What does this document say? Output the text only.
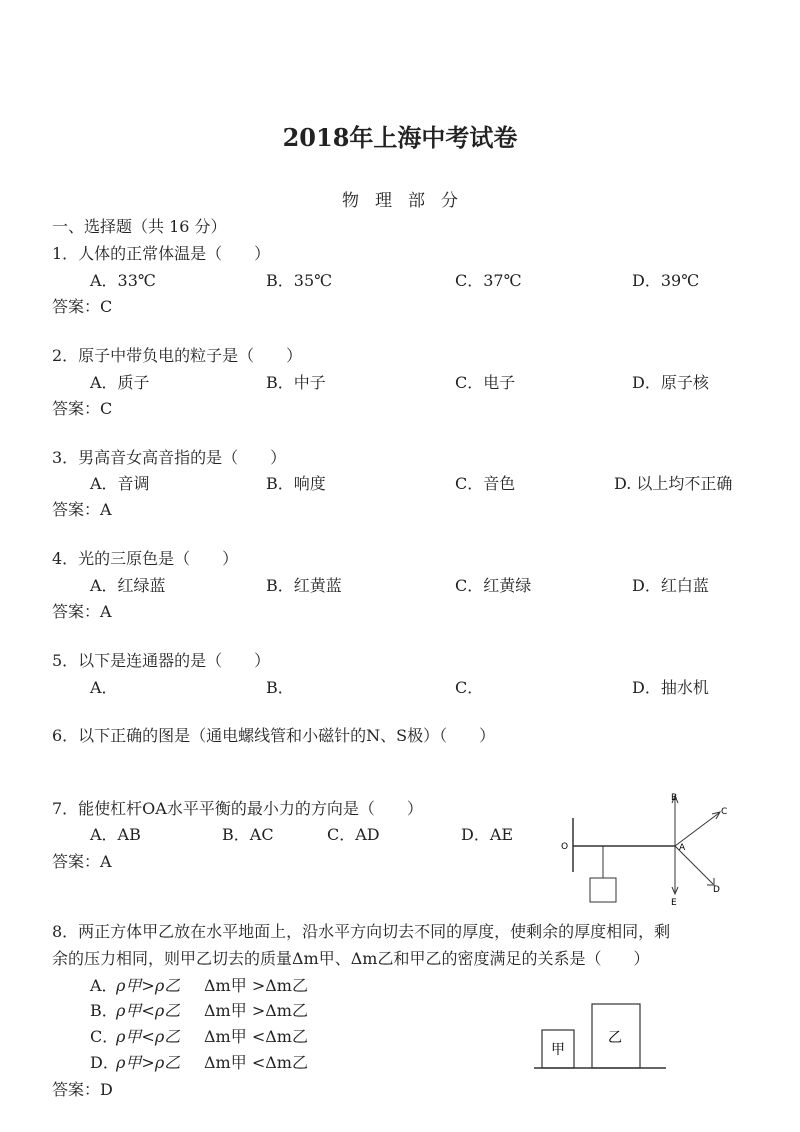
2018年上海中考试卷
物理部分
一、选择题（共 16 分）
1．人体的正常体温是（　　）
A．33℃	B．35℃	C．37℃	D．39℃
答案：C
2．原子中带负电的粒子是（　　）
A．质子	B．中子	C．电子	D．原子核
答案：C
3．男高音女高音指的是（　　）
A．音调	B．响度	C．音色	D. 以上均不正确
答案：A
4．光的三原色是（　　）
A．红绿蓝	B．红黄蓝	C．红黄绿	D．红白蓝
答案：A
5．以下是连通器的是（　　）
A．	B．	C．	D．抽水机
6．以下正确的图是（通电螺线管和小磁针的N、S极）（　　）
7．能使杠杆OA水平平衡的最小力的方向是（　　）
A．AB	B．AC	C．AD	D．AE
答案：A
O	A
B
C
D
E
8．两正方体甲乙放在水平地面上，沿水平方向切去不同的厚度，使剩余的厚度相同，剩
余的压力相同，则甲乙切去的质量Δm甲、Δm乙和甲乙的密度满足的关系是（　　）
A．
ρ甲>ρ乙 Δm甲 >Δm乙
B．
ρ甲<ρ乙 Δm甲 >Δm乙
C．
ρ甲<ρ乙 Δm甲 <Δm乙
D．
ρ甲>ρ乙 Δm甲 <Δm乙
答案：D
甲
乙
